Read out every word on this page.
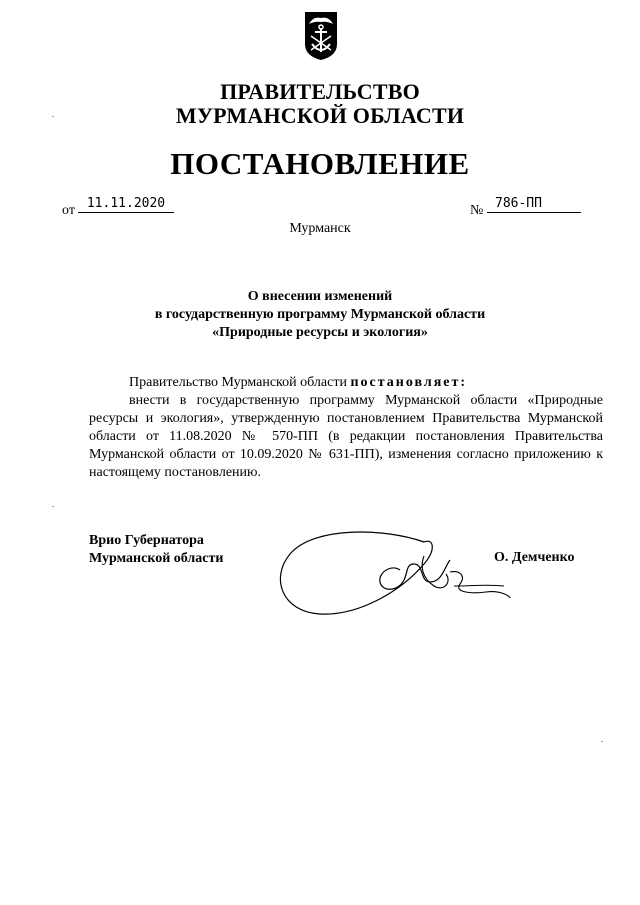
ПРАВИТЕЛЬСТВО
МУРМАНСКОЙ ОБЛАСТИ
ПОСТАНОВЛЕНИЕ
от 11.11.2020	№ 786-ПП
Мурманск
О внесении изменений
в государственную программу Мурманской области
«Природные ресурсы и экология»
Правительство Мурманской области постановляет:
внести в государственную программу Мурманской области «Природные ресурсы и экология», утвержденную постановлением Правительства Мурманской области от 11.08.2020 № 570-ПП (в редакции постановления Правительства Мурманской области от 10.09.2020 № 631-ПП), изменения согласно приложению к настоящему постановлению.
Врио Губернатора
Мурманской области	О. Демченко
